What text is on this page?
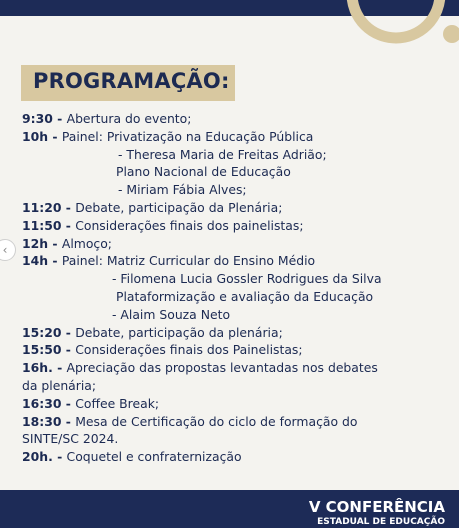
PROGRAMAÇÃO:
‹
9:30 - Abertura do evento;
10h - Painel: Privatização na Educação Pública
- Theresa Maria de Freitas Adrião;
Plano Nacional de Educação
- Miriam Fábia Alves;
11:20 - Debate, participação da Plenária;
11:50 - Considerações finais dos painelistas;
12h - Almoço;
14h - Painel: Matriz Curricular do Ensino Médio
- Filomena Lucia Gossler Rodrigues da Silva
Plataformização e avaliação da Educação
- Alaim Souza Neto
15:20 - Debate, participação da plenária;
15:50 - Considerações finais dos Painelistas;
16h. - Apreciação das propostas levantadas nos debates
da plenária;
16:30 - Coffee Break;
18:30 - Mesa de Certificação do ciclo de formação do
SINTE/SC 2024.
20h. - Coquetel e confraternização
V CONFERÊNCIA
ESTADUAL DE EDUCAÇÃO
